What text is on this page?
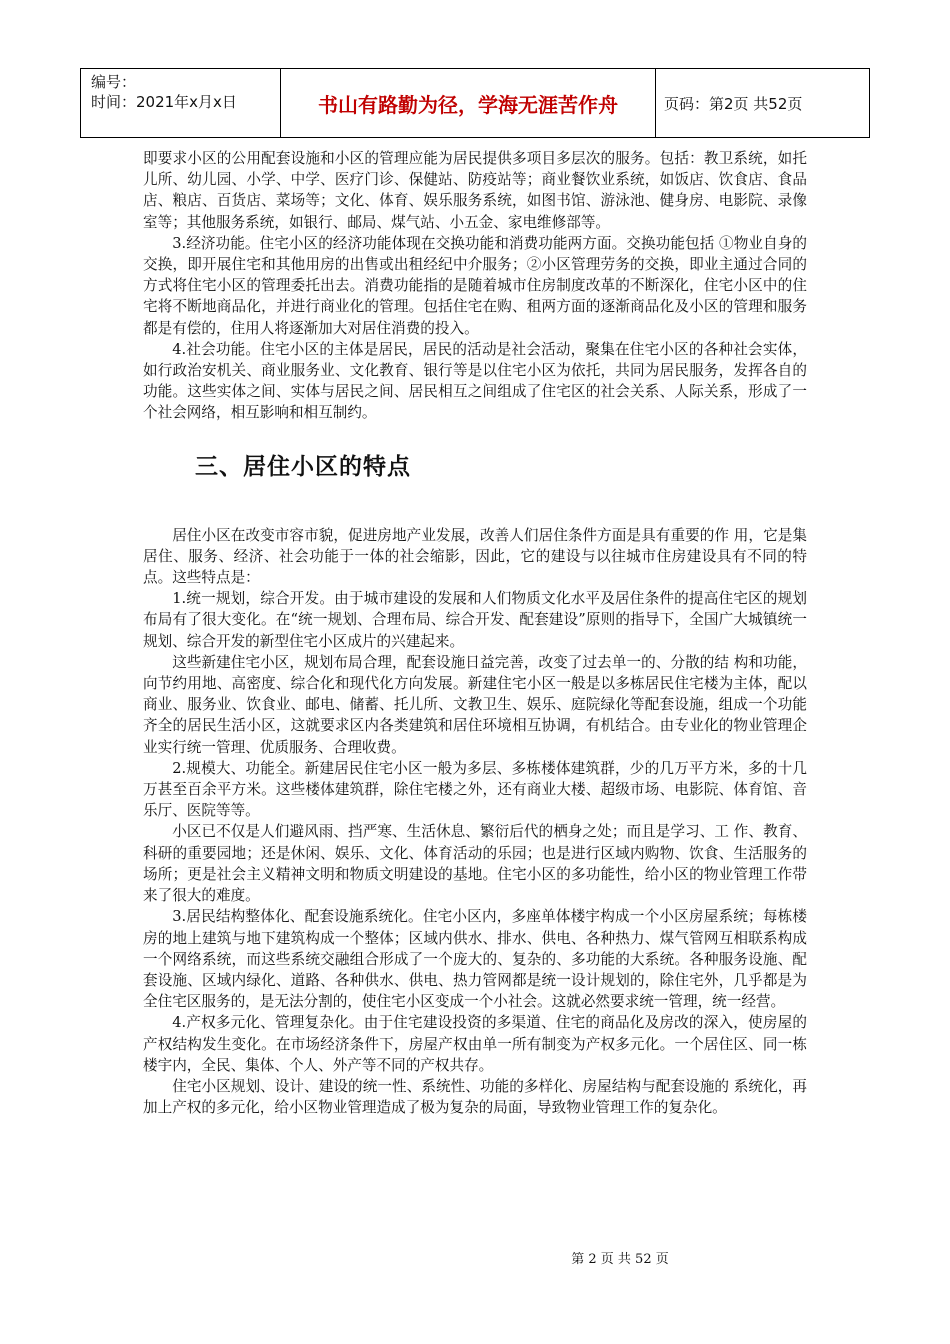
编号：
时间：2021年x月x日	书山有路勤为径，学海无涯苦作舟	页码：第2页 共52页

即要求小区的公用配套设施和小区的管理应能为居民提供多项目多层次的服务。包括：教卫系统，如托儿所、幼儿园、小学、中学、医疗门诊、保健站、防疫站等；商业餐饮业系统，如饭店、饮食店、食品店、粮店、百货店、菜场等；文化、体育、娱乐服务系统，如图书馆、游泳池、健身房、电影院、录像室等；其他服务系统，如银行、邮局、煤气站、小五金、家电维修部等。

3.经济功能。住宅小区的经济功能体现在交换功能和消费功能两方面。交换功能包括 ①物业自身的交换，即开展住宅和其他用房的出售或出租经纪中介服务；②小区管理劳务的交换，即业主通过合同的方式将住宅小区的管理委托出去。消费功能指的是随着城市住房制度改革的不断深化，住宅小区中的住宅将不断地商品化，并进行商业化的管理。包括住宅在购、租两方面的逐渐商品化及小区的管理和服务都是有偿的，住用人将逐渐加大对居住消费的投入。

4.社会功能。住宅小区的主体是居民，居民的活动是社会活动，聚集在住宅小区的各种社会实体，如行政治安机关、商业服务业、文化教育、银行等是以住宅小区为依托，共同为居民服务，发挥各自的功能。这些实体之间、实体与居民之间、居民相互之间组成了住宅区的社会关系、人际关系，形成了一个社会网络，相互影响和相互制约。

三、居住小区的特点

居住小区在改变市容市貌，促进房地产业发展，改善人们居住条件方面是具有重要的作 用，它是集居住、服务、经济、社会功能于一体的社会缩影，因此，它的建设与以往城市住房建设具有不同的特点。这些特点是：

1.统一规划，综合开发。由于城市建设的发展和人们物质文化水平及居住条件的提高住宅区的规划布局有了很大变化。在“统一规划、合理布局、综合开发、配套建设”原则的指导下，全国广大城镇统一规划、综合开发的新型住宅小区成片的兴建起来。

这些新建住宅小区，规划布局合理，配套设施日益完善，改变了过去单一的、分散的结 构和功能，向节约用地、高密度、综合化和现代化方向发展。新建住宅小区一般是以多栋居民住宅楼为主体，配以商业、服务业、饮食业、邮电、储蓄、托儿所、文教卫生、娱乐、庭院绿化等配套设施，组成一个功能齐全的居民生活小区，这就要求区内各类建筑和居住环境相互协调，有机结合。由专业化的物业管理企业实行统一管理、优质服务、合理收费。

2.规模大、功能全。新建居民住宅小区一般为多层、多栋楼体建筑群，少的几万平方米，多的十几万甚至百余平方米。这些楼体建筑群，除住宅楼之外，还有商业大楼、超级市场、电影院、体育馆、音乐厅、医院等等。

小区已不仅是人们避风雨、挡严寒、生活休息、繁衍后代的栖身之处；而且是学习、工 作、教育、科研的重要园地；还是休闲、娱乐、文化、体育活动的乐园；也是进行区域内购物、饮食、生活服务的场所；更是社会主义精神文明和物质文明建设的基地。住宅小区的多功能性，给小区的物业管理工作带来了很大的难度。

3.居民结构整体化、配套设施系统化。住宅小区内，多座单体楼宇构成一个小区房屋系统；每栋楼房的地上建筑与地下建筑构成一个整体；区域内供水、排水、供电、各种热力、煤气管网互相联系构成一个网络系统，而这些系统交融组合形成了一个庞大的、复杂的、多功能的大系统。各种服务设施、配套设施、区域内绿化、道路、各种供水、供电、热力管网都是统一设计规划的，除住宅外，几乎都是为全住宅区服务的，是无法分割的，使住宅小区变成一个小社会。这就必然要求统一管理，统一经营。

4.产权多元化、管理复杂化。由于住宅建设投资的多渠道、住宅的商品化及房改的深入，使房屋的产权结构发生变化。在市场经济条件下，房屋产权由单一所有制变为产权多元化。一个居住区、同一栋楼宇内，全民、集体、个人、外产等不同的产权共存。

住宅小区规划、设计、建设的统一性、系统性、功能的多样化、房屋结构与配套设施的 系统化，再加上产权的多元化，给小区物业管理造成了极为复杂的局面，导致物业管理工作的复杂化。

第 2 页 共 52 页
